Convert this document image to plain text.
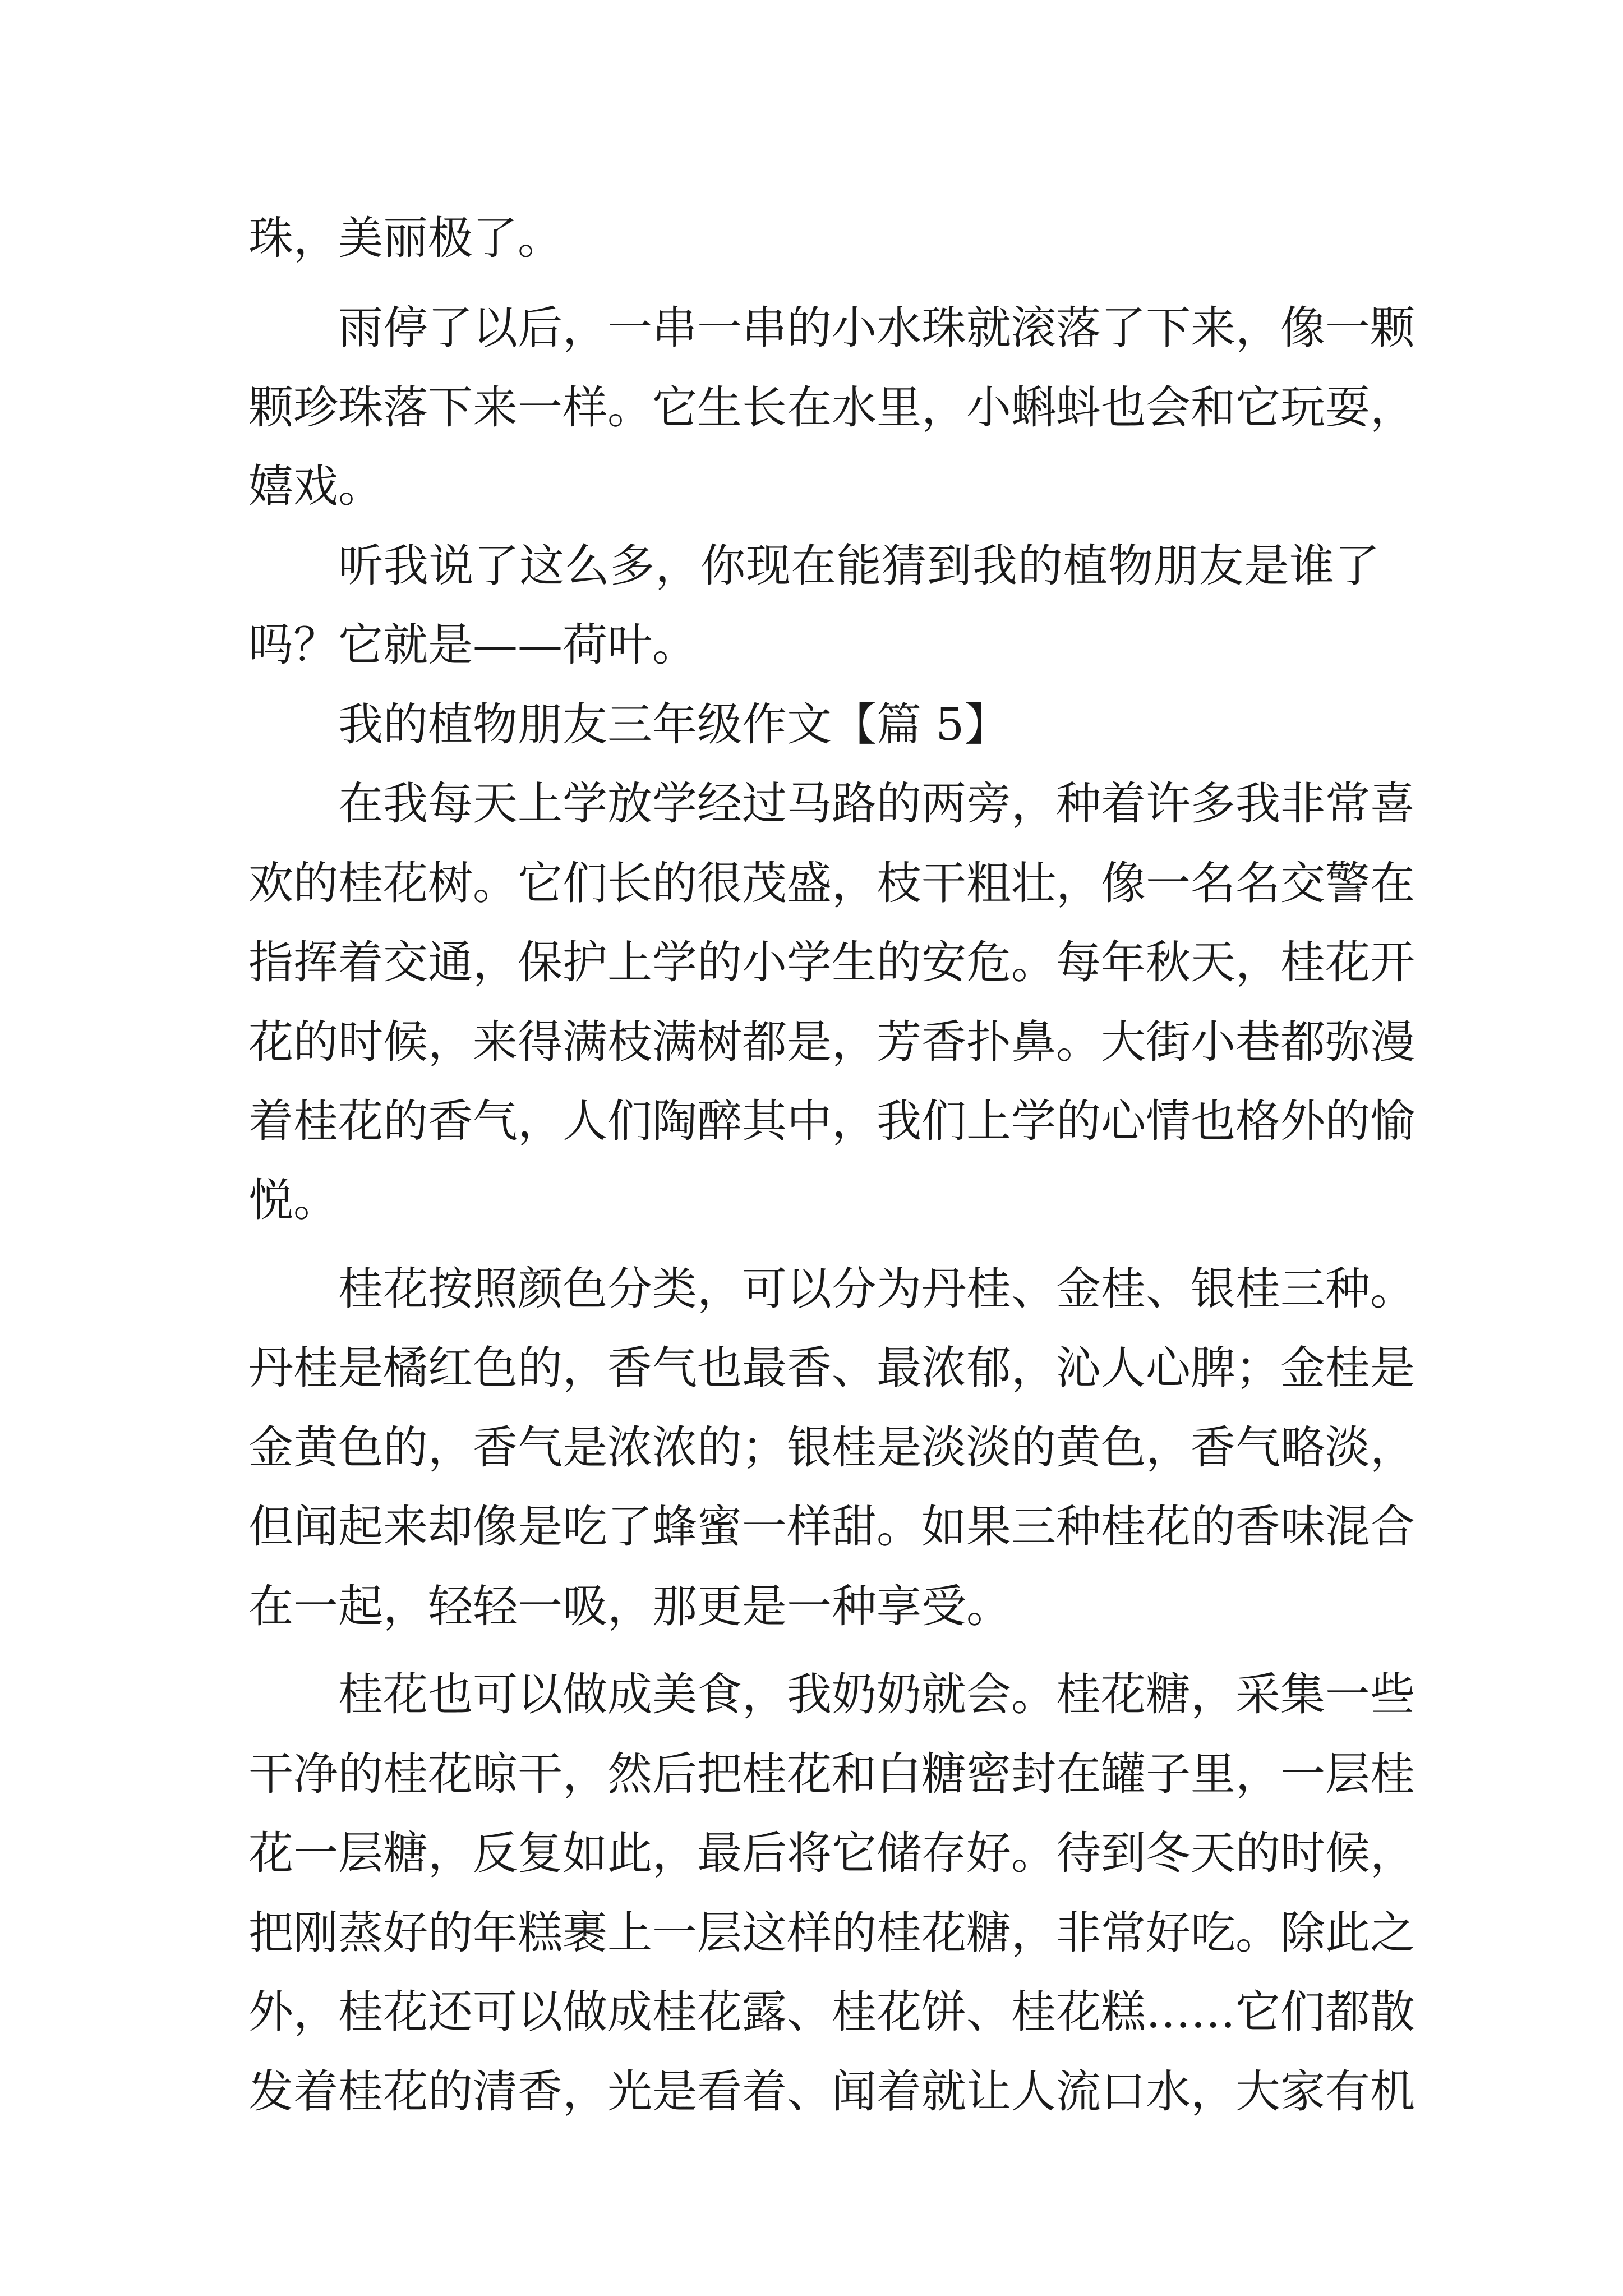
珠，美丽极了。
雨停了以后，一串一串的小水珠就滚落了下来，像一颗
颗珍珠落下来一样。它生长在水里，小蝌蚪也会和它玩耍，
嬉戏。
听我说了这么多，你现在能猜到我的植物朋友是谁了
吗？它就是——荷叶。
我的植物朋友三年级作文【篇 5】
在我每天上学放学经过马路的两旁，种着许多我非常喜
欢的桂花树。它们长的很茂盛，枝干粗壮，像一名名交警在
指挥着交通，保护上学的小学生的安危。每年秋天，桂花开
花的时候，来得满枝满树都是，芳香扑鼻。大街小巷都弥漫
着桂花的香气，人们陶醉其中，我们上学的心情也格外的愉
悦。
桂花按照颜色分类，可以分为丹桂、金桂、银桂三种。
丹桂是橘红色的，香气也最香、最浓郁，沁人心脾；金桂是
金黄色的，香气是浓浓的；银桂是淡淡的黄色，香气略淡，
但闻起来却像是吃了蜂蜜一样甜。如果三种桂花的香味混合
在一起，轻轻一吸，那更是一种享受。
桂花也可以做成美食，我奶奶就会。桂花糖，采集一些
干净的桂花晾干，然后把桂花和白糖密封在罐子里，一层桂
花一层糖，反复如此，最后将它储存好。待到冬天的时候，
把刚蒸好的年糕裹上一层这样的桂花糖，非常好吃。除此之
外，桂花还可以做成桂花露、桂花饼、桂花糕……它们都散
发着桂花的清香，光是看着、闻着就让人流口水，大家有机
